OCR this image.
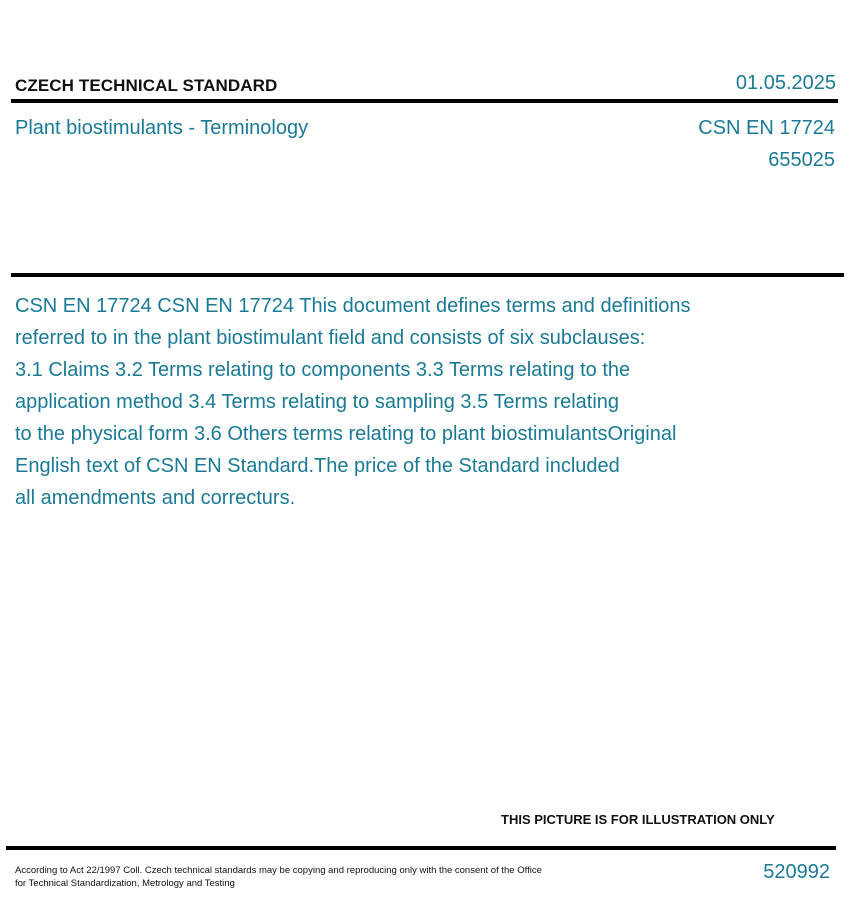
CZECH TECHNICAL STANDARD	01.05.2025
Plant biostimulants - Terminology	CSN EN 17724
655025
CSN EN 17724 CSN EN 17724 This document defines terms and definitions
referred to in the plant biostimulant field and consists of six subclauses:
3.1 Claims 3.2 Terms relating to components 3.3 Terms relating to the
application method 3.4 Terms relating to sampling 3.5 Terms relating
to the physical form 3.6 Others terms relating to plant biostimulantsOriginal
English text of CSN EN Standard.The price of the Standard included
all amendments and correcturs.
THIS PICTURE IS FOR ILLUSTRATION ONLY
According to Act 22/1997 Coll. Czech technical standards may be copying and reproducing only with the consent of the Office
for Technical Standardization, Metrology and Testing
520992
